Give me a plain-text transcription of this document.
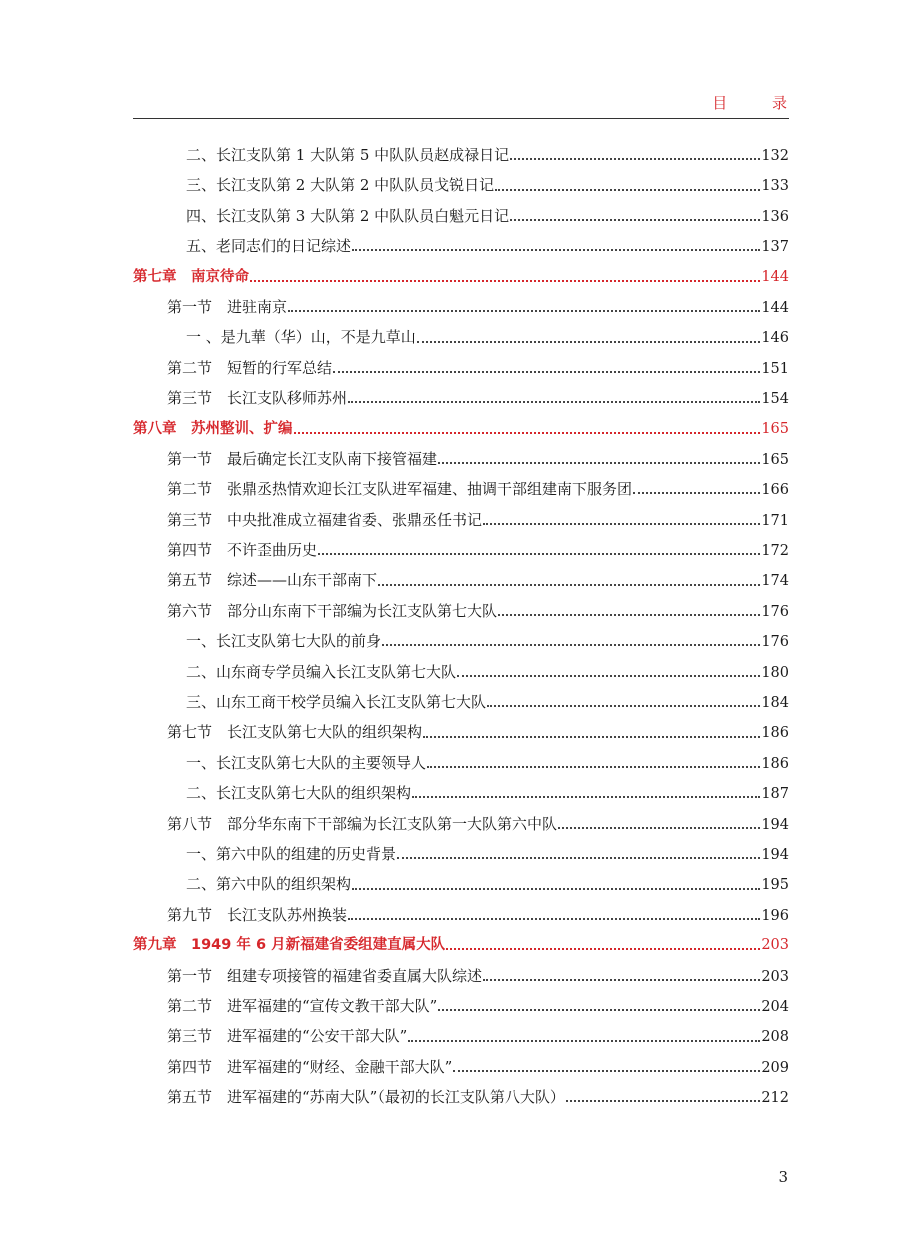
目 录
二、长江支队第 1 大队第 5 中队队员赵成禄日记	132
三、长江支队第 2 大队第 2 中队队员戈锐日记	133
四、长江支队第 3 大队第 2 中队队员白魁元日记	136
五、老同志们的日记综述	137
第七章　南京待命	144
第一节　进驻南京	144
一 、是九華（华）山，不是九草山	146
第二节　短暂的行军总结	151
第三节　长江支队移师苏州	154
第八章　苏州整训、扩编	165
第一节　最后确定长江支队南下接管福建	165
第二节　张鼎丞热情欢迎长江支队进军福建、抽调干部组建南下服务团	166
第三节　中央批准成立福建省委、张鼎丞任书记	171
第四节　不许歪曲历史	172
第五节　综述——山东干部南下	174
第六节　部分山东南下干部编为长江支队第七大队	176
一、长江支队第七大队的前身	176
二、山东商专学员编入长江支队第七大队	180
三、山东工商干校学员编入长江支队第七大队	184
第七节　长江支队第七大队的组织架构	186
一、长江支队第七大队的主要领导人	186
二、长江支队第七大队的组织架构	187
第八节　部分华东南下干部编为长江支队第一大队第六中队	194
一、第六中队的组建的历史背景	194
二、第六中队的组织架构	195
第九节　长江支队苏州换装	196
第九章　1949 年 6 月新福建省委组建直属大队	203
第一节　组建专项接管的福建省委直属大队综述	203
第二节　进军福建的“宣传文教干部大队”	204
第三节　进军福建的“公安干部大队”	208
第四节　进军福建的“财经、金融干部大队”	209
第五节　进军福建的“苏南大队”（最初的长江支队第八大队）	212
3
